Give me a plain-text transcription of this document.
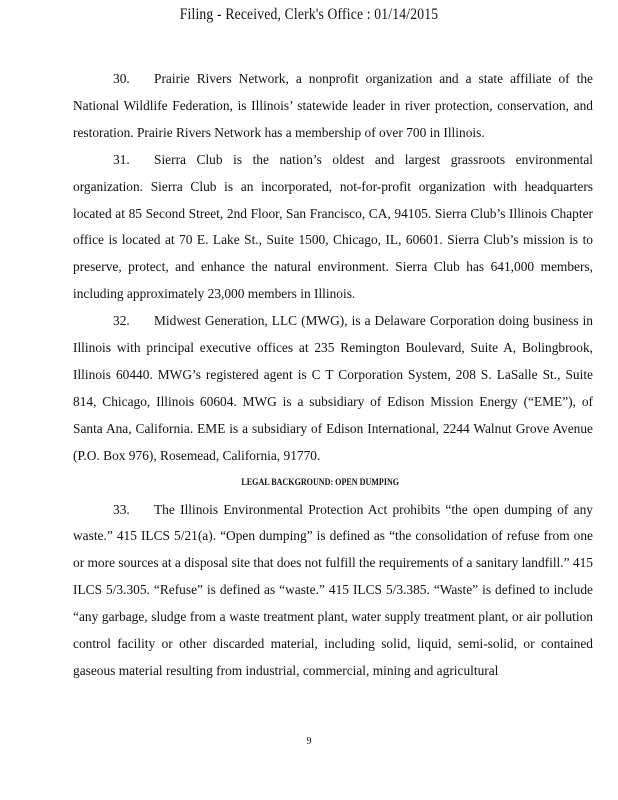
Filing - Received, Clerk's Office : 01/14/2015

30. Prairie Rivers Network, a nonprofit organization and a state affiliate of the National Wildlife Federation, is Illinois’ statewide leader in river protection, conservation, and restoration. Prairie Rivers Network has a membership of over 700 in Illinois.

31. Sierra Club is the nation’s oldest and largest grassroots environmental organization. Sierra Club is an incorporated, not-for-profit organization with headquarters located at 85 Second Street, 2nd Floor, San Francisco, CA, 94105. Sierra Club’s Illinois Chapter office is located at 70 E. Lake St., Suite 1500, Chicago, IL, 60601. Sierra Club’s mission is to preserve, protect, and enhance the natural environment. Sierra Club has 641,000 members, including approximately 23,000 members in Illinois.

32. Midwest Generation, LLC (MWG), is a Delaware Corporation doing business in Illinois with principal executive offices at 235 Remington Boulevard, Suite A, Bolingbrook, Illinois 60440. MWG’s registered agent is C T Corporation System, 208 S. LaSalle St., Suite 814, Chicago, Illinois 60604. MWG is a subsidiary of Edison Mission Energy (“EME”), of Santa Ana, California. EME is a subsidiary of Edison International, 2244 Walnut Grove Avenue (P.O. Box 976), Rosemead, California, 91770.

LEGAL BACKGROUND: OPEN DUMPING

33. The Illinois Environmental Protection Act prohibits “the open dumping of any waste.” 415 ILCS 5/21(a). “Open dumping” is defined as “the consolidation of refuse from one or more sources at a disposal site that does not fulfill the requirements of a sanitary landfill.” 415 ILCS 5/3.305. “Refuse” is defined as “waste.” 415 ILCS 5/3.385. “Waste” is defined to include “any garbage, sludge from a waste treatment plant, water supply treatment plant, or air pollution control facility or other discarded material, including solid, liquid, semi-solid, or contained gaseous material resulting from industrial, commercial, mining and agricultural

9
